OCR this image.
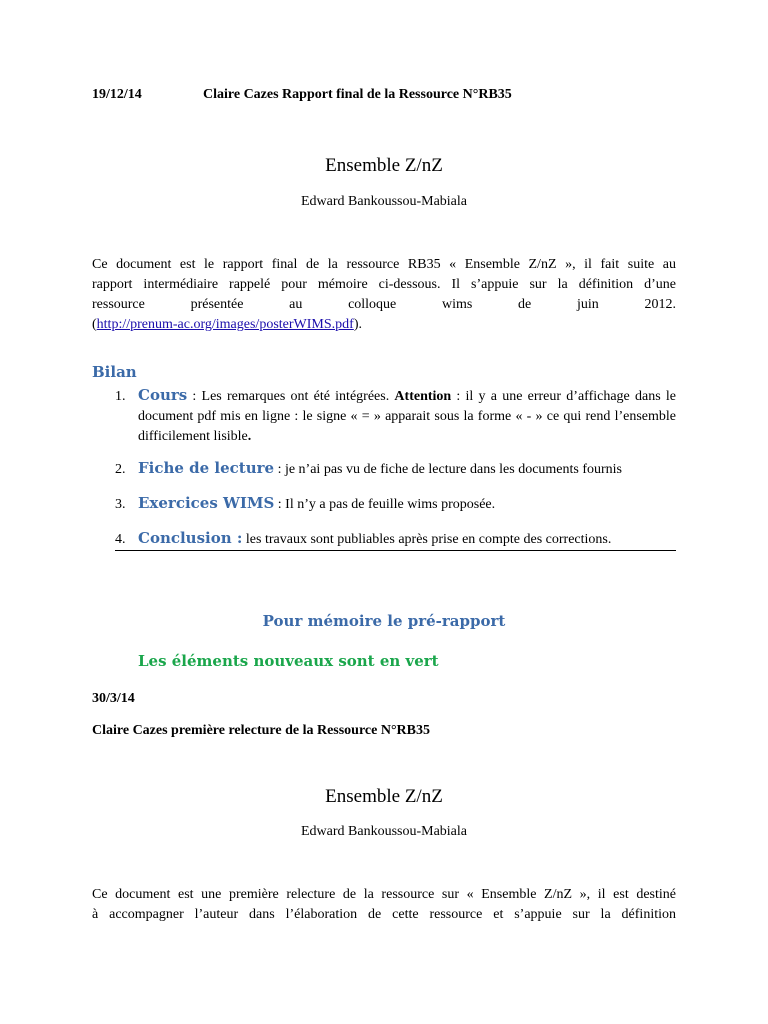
19/12/14	Claire Cazes Rapport final de la Ressource N°RB35
Ensemble Z/nZ
Edward Bankoussou-Mabiala
Ce document est le rapport final de la ressource RB35 « Ensemble Z/nZ », il fait suite au
rapport intermédiaire rappelé pour mémoire ci-dessous. Il s’appuie sur la définition d’une
ressource	présentée	au	colloque	wims	de	juin	2012.
(http://prenum-ac.org/images/posterWIMS.pdf).
Bilan
1. Cours : Les remarques ont été intégrées. Attention : il y a une erreur d’affichage dans le document pdf mis en ligne : le signe « = » apparait sous la forme « - » ce qui rend l’ensemble difficilement lisible.
2. Fiche de lecture : je n’ai pas vu de fiche de lecture dans les documents fournis
3. Exercices WIMS : Il n’y a pas de feuille wims proposée.
4. Conclusion : les travaux sont publiables après prise en compte des corrections.
Pour mémoire le pré-rapport
Les éléments nouveaux sont en vert
30/3/14
Claire Cazes première relecture de la Ressource N°RB35
Ensemble Z/nZ
Edward Bankoussou-Mabiala
Ce document est une première relecture de la ressource sur « Ensemble Z/nZ », il est destiné
à accompagner l’auteur dans l’élaboration de cette ressource et s’appuie sur la définition
